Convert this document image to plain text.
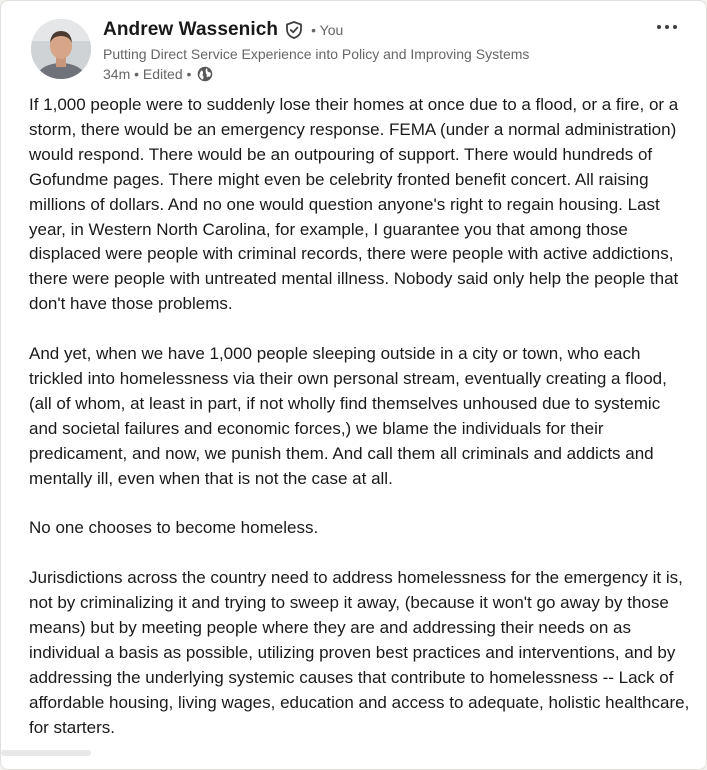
Andrew Wassenich • You
Putting Direct Service Experience into Policy and Improving Systems
34m • Edited •

If 1,000 people were to suddenly lose their homes at once due to a flood, or a fire, or a storm, there would be an emergency response. FEMA (under a normal administration) would respond. There would be an outpouring of support. There would hundreds of Gofundme pages. There might even be celebrity fronted benefit concert. All raising millions of dollars. And no one would question anyone's right to regain housing. Last year, in Western North Carolina, for example, I guarantee you that among those displaced were people with criminal records, there were people with active addictions, there were people with untreated mental illness. Nobody said only help the people that don't have those problems.

And yet, when we have 1,000 people sleeping outside in a city or town, who each trickled into homelessness via their own personal stream, eventually creating a flood, (all of whom, at least in part, if not wholly find themselves unhoused due to systemic and societal failures and economic forces,) we blame the individuals for their predicament, and now, we punish them. And call them all criminals and addicts and mentally ill, even when that is not the case at all.

No one chooses to become homeless.

Jurisdictions across the country need to address homelessness for the emergency it is, not by criminalizing it and trying to sweep it away, (because it won't go away by those means) but by meeting people where they are and addressing their needs on as individual a basis as possible, utilizing proven best practices and interventions, and by addressing the underlying systemic causes that contribute to homelessness -- Lack of affordable housing, living wages, education and access to adequate, holistic healthcare, for starters.
